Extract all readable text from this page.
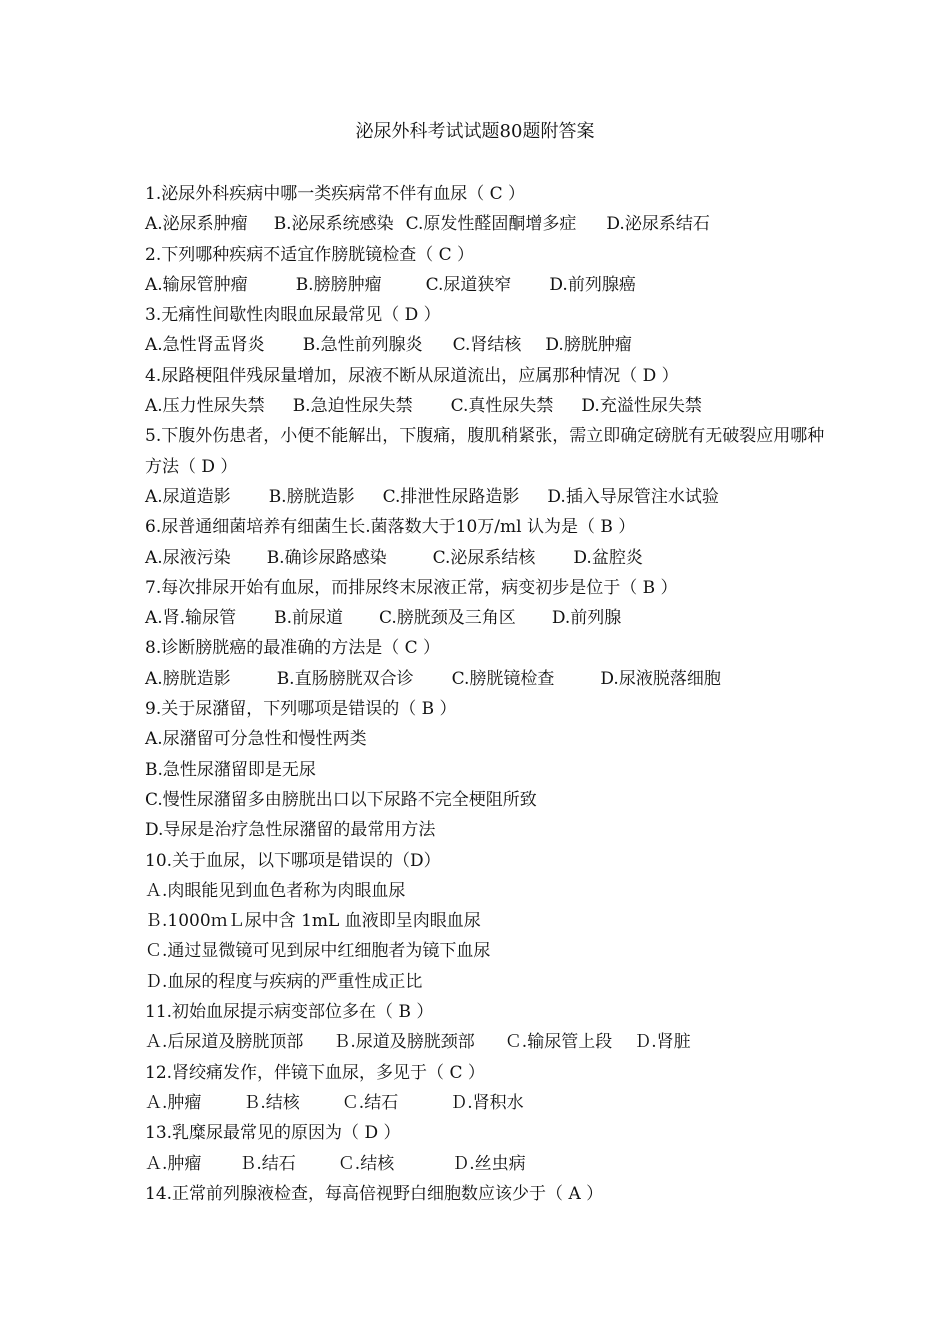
泌尿外科考试试题80题附答案
1.泌尿外科疾病中哪一类疾病常不伴有血尿（ C ）
A.泌尿系肿瘤 B.泌尿系统感染 C.原发性醛固酮增多症 D.泌尿系结石
2.下列哪种疾病不适宜作膀胱镜检查（ C ）
A.输尿管肿瘤	B.膀膀肿瘤	C.尿道狭窄 D.前列腺癌
3.无痛性间歇性肉眼血尿最常见（ D ）
A.急性肾盂肾炎 B.急性前列腺炎 C.肾结核 D.膀胱肿瘤
4.尿路梗阻伴残尿量增加，尿液不断从尿道流出，应属那种情况（ D ）
A.压力性尿失禁 B.急迫性尿失禁 C.真性尿失禁 D.充溢性尿失禁
5.下腹外伤患者，小便不能解出，下腹痛，腹肌稍紧张，需立即确定磅胱有无破裂应用哪种方法（ D ）
A.尿道造影 B.膀胱造影 C.排泄性尿路造影 D.插入导尿管注水试验
6.尿普通细菌培养有细菌生长.菌落数大于10万/ml 认为是（ B ）
A.尿液污染 B.确诊尿路感染	C.泌尿系结核 D.盆腔炎
7.每次排尿开始有血尿，而排尿终末尿液正常，病变初步是位于（ B ）
A.肾.输尿管 B.前尿道 C.膀胱颈及三角区 D.前列腺
8.诊断膀胱癌的最准确的方法是（ C ）
A.膀胱造影	B.直肠膀胱双合诊 C.膀胱镜检查	D.尿液脱落细胞
9.关于尿潴留，下列哪项是错误的（ B ）
A.尿潴留可分急性和慢性两类
B.急性尿潴留即是无尿
C.慢性尿潴留多由膀胱出口以下尿路不完全梗阻所致
D.导尿是治疗急性尿潴留的最常用方法
10.关于血尿，以下哪项是错误的（D）
Ａ.肉眼能见到血色者称为肉眼血尿
Ｂ.1000ｍＬ尿中含 1mL 血液即呈肉眼血尿
Ｃ.通过显微镜可见到尿中红细胞者为镜下血尿
Ｄ.血尿的程度与疾病的严重性成正比
11.初始血尿提示病变部位多在（ B ）
Ａ.后尿道及膀胱顶部 Ｂ.尿道及膀胱颈部 Ｃ.输尿管上段 Ｄ.肾脏
12.肾绞痛发作，伴镜下血尿，多见于（ C ）
Ａ.肿瘤 Ｂ.结核 Ｃ.结石	Ｄ.肾积水
13.乳糜尿最常见的原因为（ D ）
Ａ.肿瘤 Ｂ.结石 Ｃ.结核	Ｄ.丝虫病
14.正常前列腺液检查，每高倍视野白细胞数应该少于（ A ）
